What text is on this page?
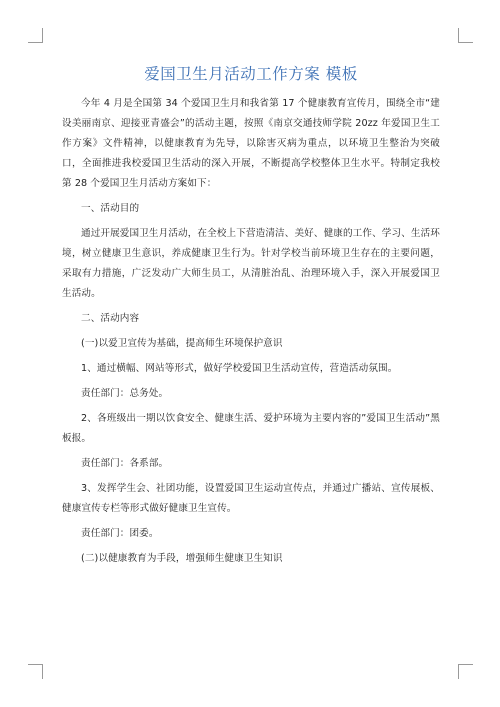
爱国卫生月活动工作方案 模板

今年 4 月是全国第 34 个爱国卫生月和我省第 17 个健康教育宣传月，围绕全市“建设美丽南京、迎接亚青盛会”的活动主题，按照《南京交通技师学院 20zz 年爱国卫生工作方案》文件精神，以健康教育为先导，以除害灭病为重点，以环境卫生整治为突破口，全面推进我校爱国卫生活动的深入开展，不断提高学校整体卫生水平。特制定我校第 28 个爱国卫生月活动方案如下：

一、活动目的

通过开展爱国卫生月活动，在全校上下营造清洁、美好、健康的工作、学习、生活环境，树立健康卫生意识，养成健康卫生行为。针对学校当前环境卫生存在的主要问题，采取有力措施，广泛发动广大师生员工，从清脏治乱、治理环境入手，深入开展爱国卫生活动。

二、活动内容

(一)以爱卫宣传为基础，提高师生环境保护意识

1、通过横幅、网站等形式，做好学校爱国卫生活动宣传，营造活动氛围。

责任部门：总务处。

2、各班级出一期以饮食安全、健康生活、爱护环境为主要内容的”爱国卫生活动”黑板报。

责任部门：各系部。

3、发挥学生会、社团功能，设置爱国卫生运动宣传点，并通过广播站、宣传展板、健康宣传专栏等形式做好健康卫生宣传。

责任部门：团委。

(二)以健康教育为手段，增强师生健康卫生知识
